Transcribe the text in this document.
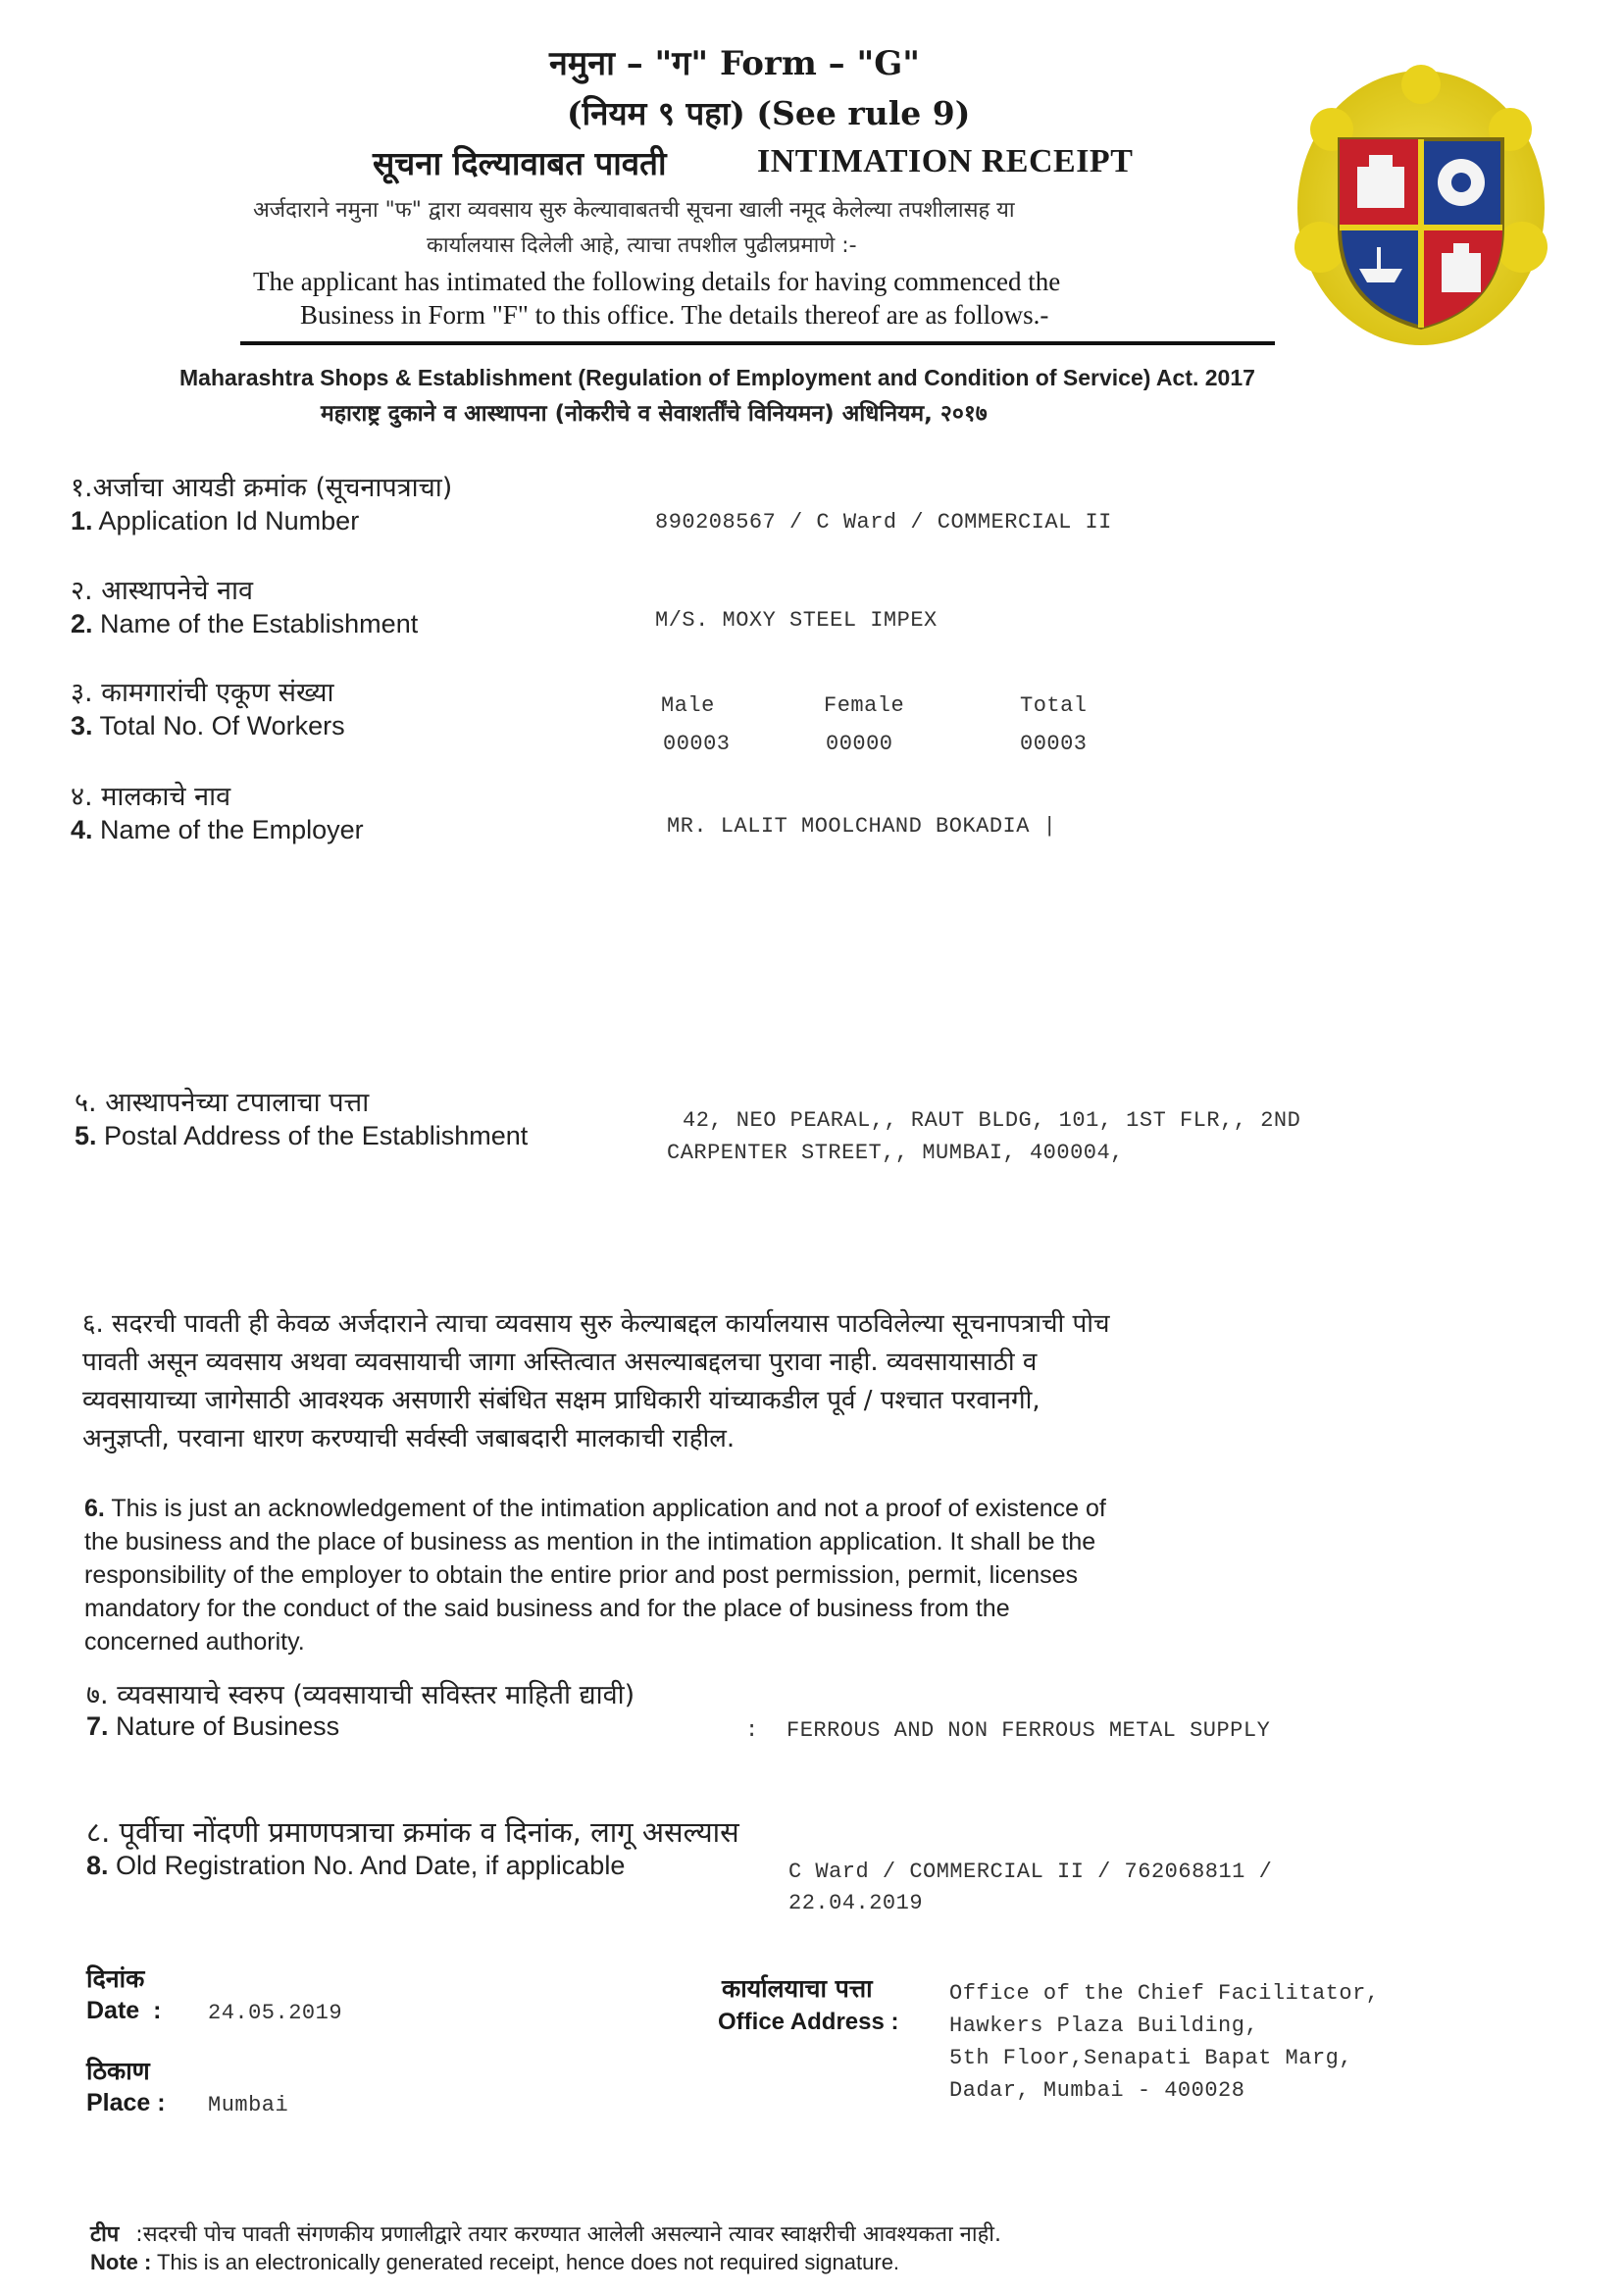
नमुना – "ग" Form – "G"
(नियम ९ पहा) (See rule 9)
सूचना दिल्यावाबत पावती	INTIMATION RECEIPT
अर्जदाराने नमुना "फ" द्वारा व्यवसाय सुरु केल्यावाबतची सूचना खाली नमूद केलेल्या तपशीलासह या
कार्यालयास दिलेली आहे, त्याचा तपशील पुढीलप्रमाणे :-
The applicant has intimated the following details for having commenced the
Business in Form "F" to this office. The details thereof are as follows.-
Maharashtra Shops & Establishment (Regulation of Employment and Condition of Service) Act. 2017
महाराष्ट्र दुकाने व आस्थापना (नोकरीचे व सेवाशर्तींचे विनियमन) अधिनियम, २०१७
१.अर्जाचा आयडी क्रमांक (सूचनापत्राचा)
1. Application Id Number	890208567 / C Ward / COMMERCIAL II
२. आस्थापनेचे नाव
2. Name of the Establishment	M/S. MOXY STEEL IMPEX
३. कामगारांची एकूण संख्या
3. Total No. Of Workers
Male	Female	Total
00003	00000	00003
४. मालकाचे नाव
4. Name of the Employer	MR. LALIT MOOLCHAND BOKADIA |
५. आस्थापनेच्या टपालाचा पत्ता
5. Postal Address of the Establishment
42, NEO PEARAL,, RAUT BLDG, 101, 1ST FLR,, 2ND
CARPENTER STREET,, MUMBAI, 400004,
६. सदरची पावती ही केवळ अर्जदाराने त्याचा व्यवसाय सुरु केल्याबद्दल कार्यालयास पाठविलेल्या सूचनापत्राची पोच
पावती असून व्यवसाय अथवा व्यवसायाची जागा अस्तित्वात असल्याबद्दलचा पुरावा नाही. व्यवसायासाठी व
व्यवसायाच्या जागेसाठी आवश्यक असणारी संबंधित सक्षम प्राधिकारी यांच्याकडील पूर्व / पश्चात परवानगी,
अनुज्ञप्ती, परवाना धारण करण्याची सर्वस्वी जबाबदारी मालकाची राहील.
6. This is just an acknowledgement of the intimation application and not a proof of existence of
the business and the place of business as mention in the intimation application. It shall be the
responsibility of the employer to obtain the entire prior and post permission, permit, licenses
mandatory for the conduct of the said business and for the place of business from the
concerned authority.
७. व्यवसायाचे स्वरुप (व्यवसायाची सविस्तर माहिती द्यावी)
7. Nature of Business	: FERROUS AND NON FERROUS METAL SUPPLY
८. पूर्वीचा नोंदणी प्रमाणपत्राचा क्रमांक व दिनांक, लागू असल्यास
8. Old Registration No. And Date, if applicable	C Ward / COMMERCIAL II / 762068811 /
22.04.2019
दिनांक
Date  : 24.05.2019
ठिकाण
Place : Mumbai
कार्यालयाचा पत्ता
Office Address :
Office of the Chief Facilitator,
Hawkers Plaza Building,
5th Floor,Senapati Bapat Marg,
Dadar, Mumbai - 400028
टीप :सदरची पोच पावती संगणकीय प्रणालीद्वारे तयार करण्यात आलेली असल्याने त्यावर स्वाक्षरीची आवश्यकता नाही.
Note : This is an electronically generated receipt, hence does not required signature.
